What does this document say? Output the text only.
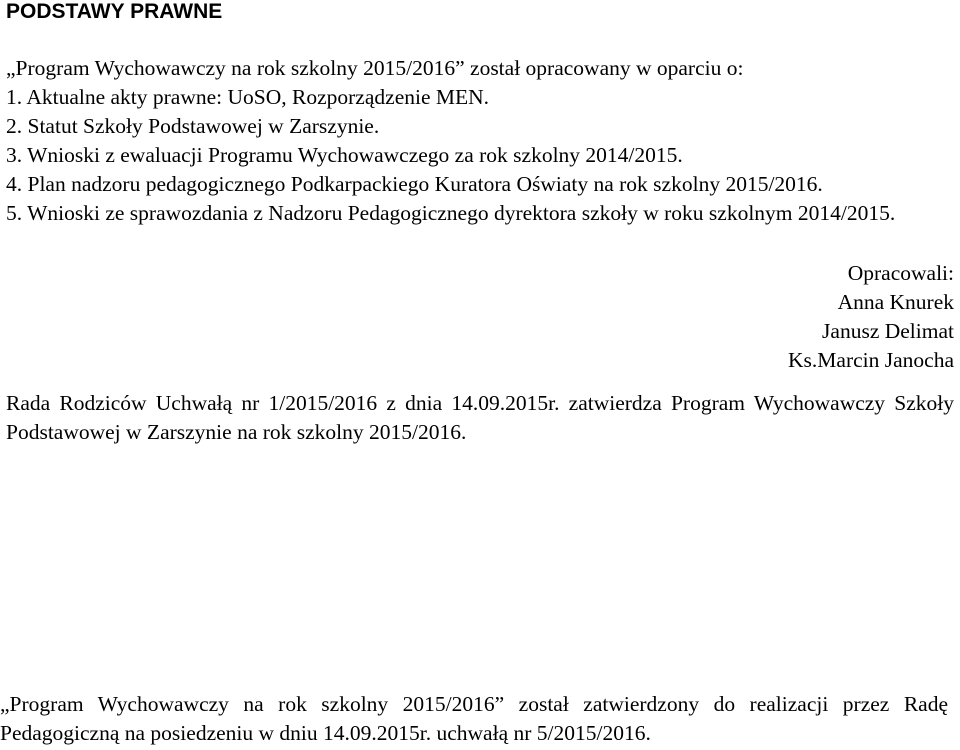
PODSTAWY PRAWNE
„Program Wychowawczy na rok szkolny 2015/2016” został opracowany w oparciu o:
1. Aktualne akty prawne: UoSO, Rozporządzenie MEN.
2. Statut Szkoły Podstawowej w Zarszynie.
3. Wnioski z ewaluacji Programu Wychowawczego za rok szkolny 2014/2015.
4. Plan nadzoru pedagogicznego Podkarpackiego Kuratora Oświaty na rok szkolny 2015/2016.
5. Wnioski ze sprawozdania z Nadzoru Pedagogicznego dyrektora szkoły w roku szkolnym 2014/2015.
Opracowali:
Anna Knurek
Janusz Delimat
Ks.Marcin Janocha
Rada Rodziców Uchwałą nr 1/2015/2016 z dnia 14.09.2015r. zatwierdza Program Wychowawczy Szkoły Podstawowej w Zarszynie na rok szkolny 2015/2016.
„Program Wychowawczy na rok szkolny 2015/2016” został zatwierdzony do realizacji przez Radę Pedagogiczną na posiedzeniu w dniu 14.09.2015r. uchwałą nr 5/2015/2016.
